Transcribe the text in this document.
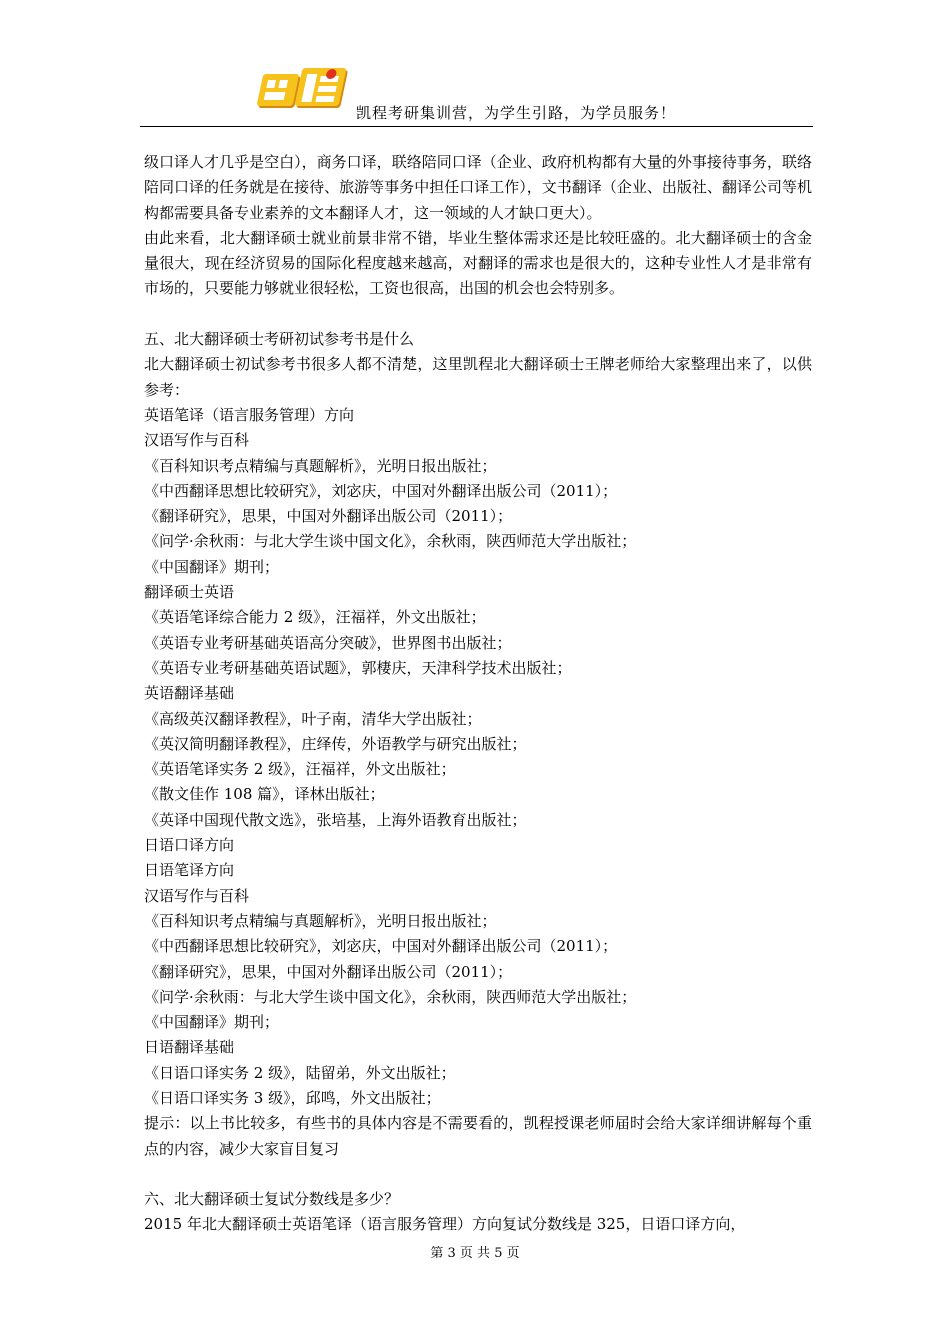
凯程考研集训营，为学生引路，为学员服务！

级口译人才几乎是空白），商务口译，联络陪同口译（企业、政府机构都有大量的外事接待事务，联络陪同口译的任务就是在接待、旅游等事务中担任口译工作），文书翻译（企业、出版社、翻译公司等机构都需要具备专业素养的文本翻译人才，这一领域的人才缺口更大）。

由此来看，北大翻译硕士就业前景非常不错，毕业生整体需求还是比较旺盛的。北大翻译硕士的含金量很大，现在经济贸易的国际化程度越来越高，对翻译的需求也是很大的，这种专业性人才是非常有市场的，只要能力够就业很轻松，工资也很高，出国的机会也会特别多。

五、北大翻译硕士考研初试参考书是什么

北大翻译硕士初试参考书很多人都不清楚，这里凯程北大翻译硕士王牌老师给大家整理出来了，以供参考：

英语笔译（语言服务管理）方向

汉语写作与百科

《百科知识考点精编与真题解析》，光明日报出版社；

《中西翻译思想比较研究》，刘宓庆，中国对外翻译出版公司（2011）；

《翻译研究》，思果，中国对外翻译出版公司（2011）；

《问学·余秋雨：与北大学生谈中国文化》，余秋雨，陕西师范大学出版社；

《中国翻译》期刊；

翻译硕士英语

《英语笔译综合能力 2 级》，汪福祥，外文出版社；

《英语专业考研基础英语高分突破》，世界图书出版社；

《英语专业考研基础英语试题》，郭棲庆，天津科学技术出版社；

英语翻译基础

《高级英汉翻译教程》，叶子南，清华大学出版社；

《英汉简明翻译教程》，庄绎传，外语教学与研究出版社；

《英语笔译实务 2 级》，汪福祥，外文出版社；

《散文佳作 108 篇》，译林出版社；

《英译中国现代散文选》，张培基，上海外语教育出版社；

日语口译方向

日语笔译方向

汉语写作与百科

《百科知识考点精编与真题解析》，光明日报出版社；

《中西翻译思想比较研究》，刘宓庆，中国对外翻译出版公司（2011）；

《翻译研究》，思果，中国对外翻译出版公司（2011）；

《问学·余秋雨：与北大学生谈中国文化》，余秋雨，陕西师范大学出版社；

《中国翻译》期刊；

日语翻译基础

《日语口译实务 2 级》，陆留弟，外文出版社；

《日语口译实务 3 级》，邱鸣，外文出版社；

提示：以上书比较多，有些书的具体内容是不需要看的，凯程授课老师届时会给大家详细讲解每个重点的内容，减少大家盲目复习

六、北大翻译硕士复试分数线是多少？

2015 年北大翻译硕士英语笔译（语言服务管理）方向复试分数线是 325，日语口译方向，

第 3 页 共 5 页
